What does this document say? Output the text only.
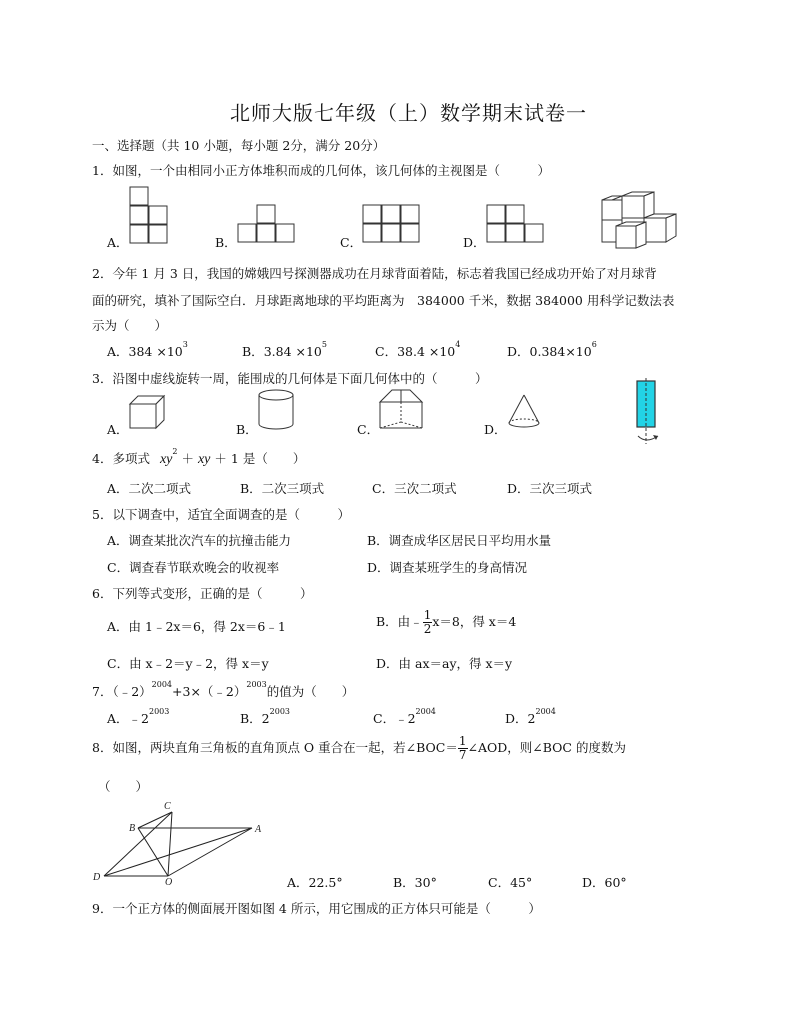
北师大版七年级（上）数学期末试卷一
一、选择题（共 10 小题，每小题 2分，满分 20分）
1．如图，一个由相同小正方体堆积而成的几何体，该几何体的主视图是（　　　）
A．	B．	C．	D．
2．今年 1 月 3 日，我国的嫦娥四号探测器成功在月球背面着陆，标志着我国已经成功开始了对月球背
面的研究，填补了国际空白．月球距离地球的平均距离为　384000 千米，数据 384000 用科学记数法表
示为（　　）
A．$384 \times 10^3$	B．$3.84 \times 10^5$	C．$38.4 \times 10^4$	D．$0.384\times 10^6$
3．沿图中虚线旋转一周，能围成的几何体是下面几何体中的（　　　）
A．	B．	C．	D．
4．多项式 $xy^2$ ＋ xy ＋ 1 是（　　）
A．二次二项式	B．二次三项式	C．三次二项式	D．三次三项式
5．以下调查中，适宜全面调查的是（　　　）
A．调查某批次汽车的抗撞击能力	B．调查成华区居民日平均用水量
C．调查春节联欢晚会的收视率	D．调查某班学生的身高情况
6．下列等式变形，正确的是（　　　）
A．由 1﹣2x＝6，得 2x＝6﹣1	B．由﹣ $\frac{1}{2} x=8$，得 x＝4
C．由 x﹣2＝y﹣2，得 x＝y	D．由 ax＝ay，得 x＝y
7．（﹣2）$^{2004}$+3×（﹣2）$^{2003}$的值为（　　）
A．$﹣2^{2003}$	B．$2^{2003}$	C．$﹣2^{2004}$	D．$2^{2004}$
8．如图，两块直角三角板的直角顶点 O 重合在一起，若∠BOC＝ $\frac{1}{7}$ ∠AOD，则∠BOC 的度数为
（　　）
C
B	A
D	O	A．22.5°	B．30°	C．45°	D．60°
9．一个正方体的侧面展开图如图 4 所示，用它围成的正方体只可能是（　　　）
